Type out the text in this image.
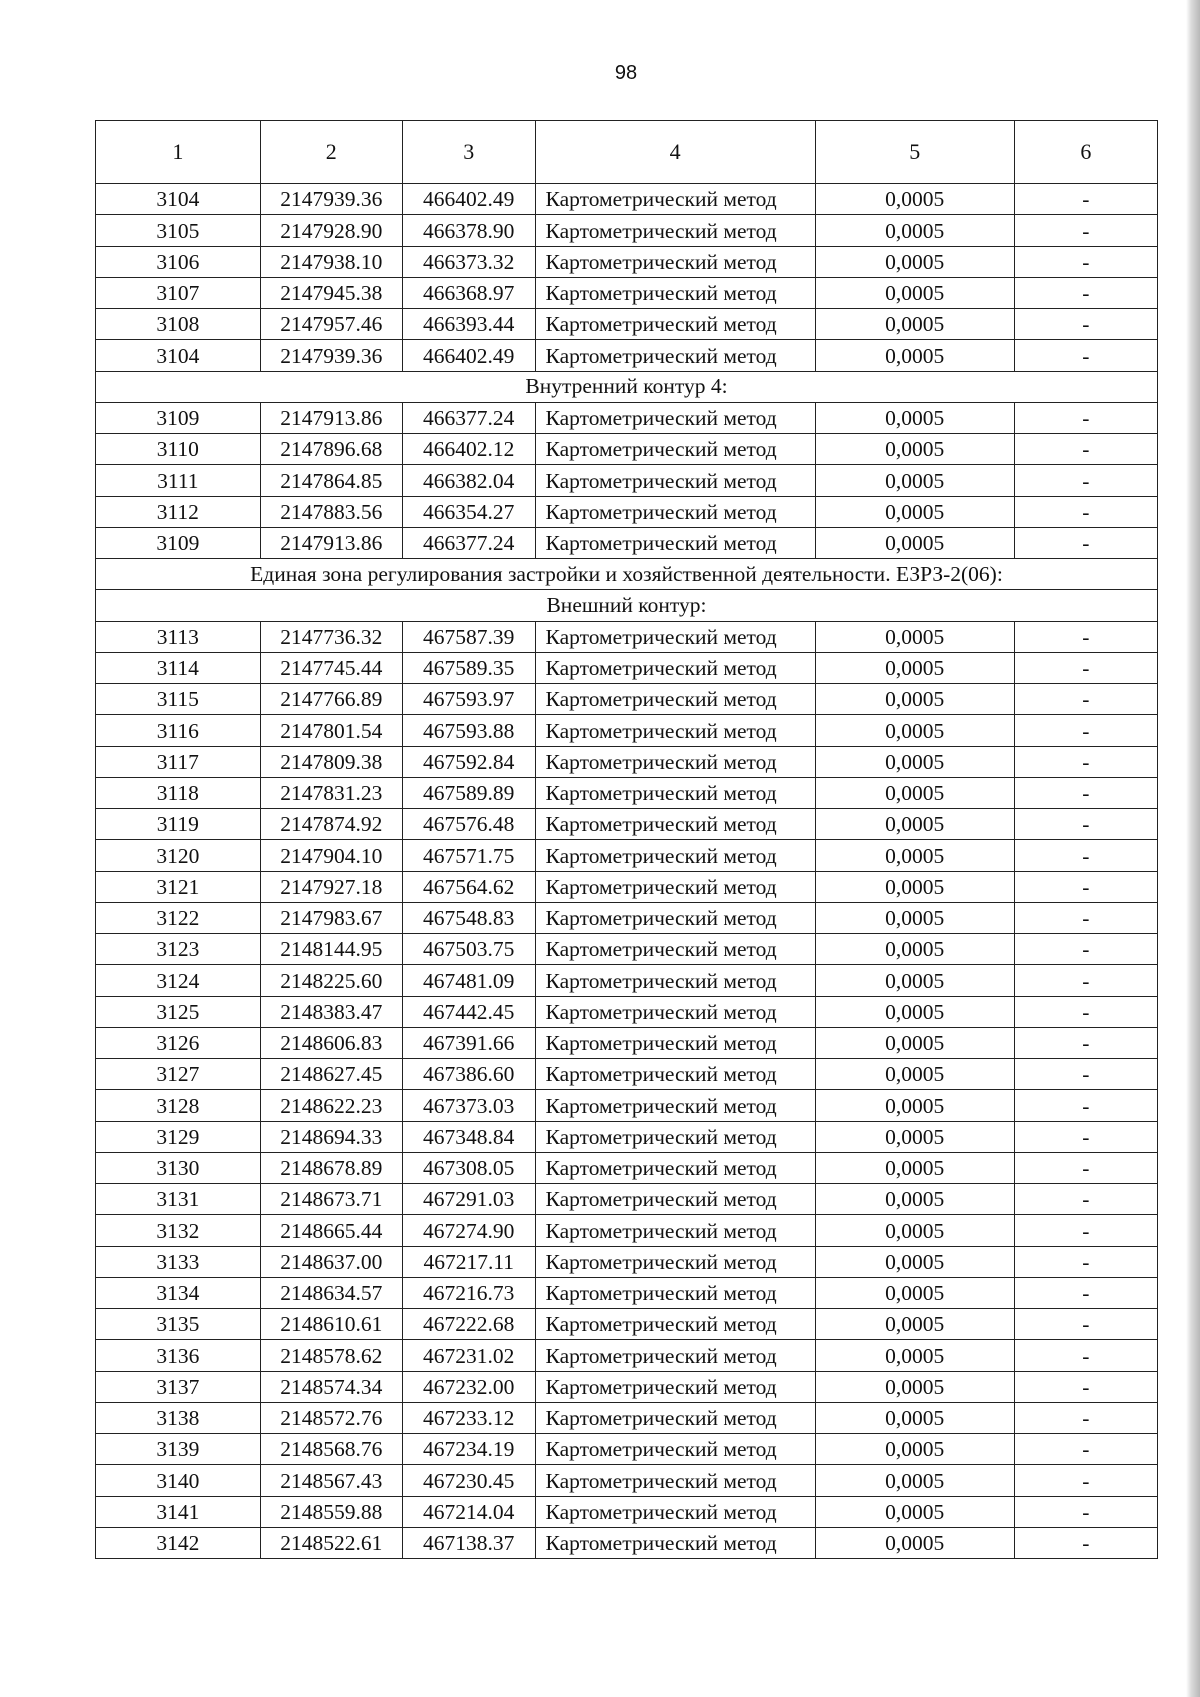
98
1	2	3	4	5	6
3104	2147939.36	466402.49	Картометрический метод	0,0005	-
3105	2147928.90	466378.90	Картометрический метод	0,0005	-
3106	2147938.10	466373.32	Картометрический метод	0,0005	-
3107	2147945.38	466368.97	Картометрический метод	0,0005	-
3108	2147957.46	466393.44	Картометрический метод	0,0005	-
3104	2147939.36	466402.49	Картометрический метод	0,0005	-
Внутренний контур 4:					
3109	2147913.86	466377.24	Картометрический метод	0,0005	-
3110	2147896.68	466402.12	Картометрический метод	0,0005	-
3111	2147864.85	466382.04	Картометрический метод	0,0005	-
3112	2147883.56	466354.27	Картометрический метод	0,0005	-
3109	2147913.86	466377.24	Картометрический метод	0,0005	-
Единая зона регулирования застройки и хозяйственной деятельности. ЕЗРЗ-2(06):					
Внешний контур:					
3113	2147736.32	467587.39	Картометрический метод	0,0005	-
3114	2147745.44	467589.35	Картометрический метод	0,0005	-
3115	2147766.89	467593.97	Картометрический метод	0,0005	-
3116	2147801.54	467593.88	Картометрический метод	0,0005	-
3117	2147809.38	467592.84	Картометрический метод	0,0005	-
3118	2147831.23	467589.89	Картометрический метод	0,0005	-
3119	2147874.92	467576.48	Картометрический метод	0,0005	-
3120	2147904.10	467571.75	Картометрический метод	0,0005	-
3121	2147927.18	467564.62	Картометрический метод	0,0005	-
3122	2147983.67	467548.83	Картометрический метод	0,0005	-
3123	2148144.95	467503.75	Картометрический метод	0,0005	-
3124	2148225.60	467481.09	Картометрический метод	0,0005	-
3125	2148383.47	467442.45	Картометрический метод	0,0005	-
3126	2148606.83	467391.66	Картометрический метод	0,0005	-
3127	2148627.45	467386.60	Картометрический метод	0,0005	-
3128	2148622.23	467373.03	Картометрический метод	0,0005	-
3129	2148694.33	467348.84	Картометрический метод	0,0005	-
3130	2148678.89	467308.05	Картометрический метод	0,0005	-
3131	2148673.71	467291.03	Картометрический метод	0,0005	-
3132	2148665.44	467274.90	Картометрический метод	0,0005	-
3133	2148637.00	467217.11	Картометрический метод	0,0005	-
3134	2148634.57	467216.73	Картометрический метод	0,0005	-
3135	2148610.61	467222.68	Картометрический метод	0,0005	-
3136	2148578.62	467231.02	Картометрический метод	0,0005	-
3137	2148574.34	467232.00	Картометрический метод	0,0005	-
3138	2148572.76	467233.12	Картометрический метод	0,0005	-
3139	2148568.76	467234.19	Картометрический метод	0,0005	-
3140	2148567.43	467230.45	Картометрический метод	0,0005	-
3141	2148559.88	467214.04	Картометрический метод	0,0005	-
3142	2148522.61	467138.37	Картометрический метод	0,0005	-
